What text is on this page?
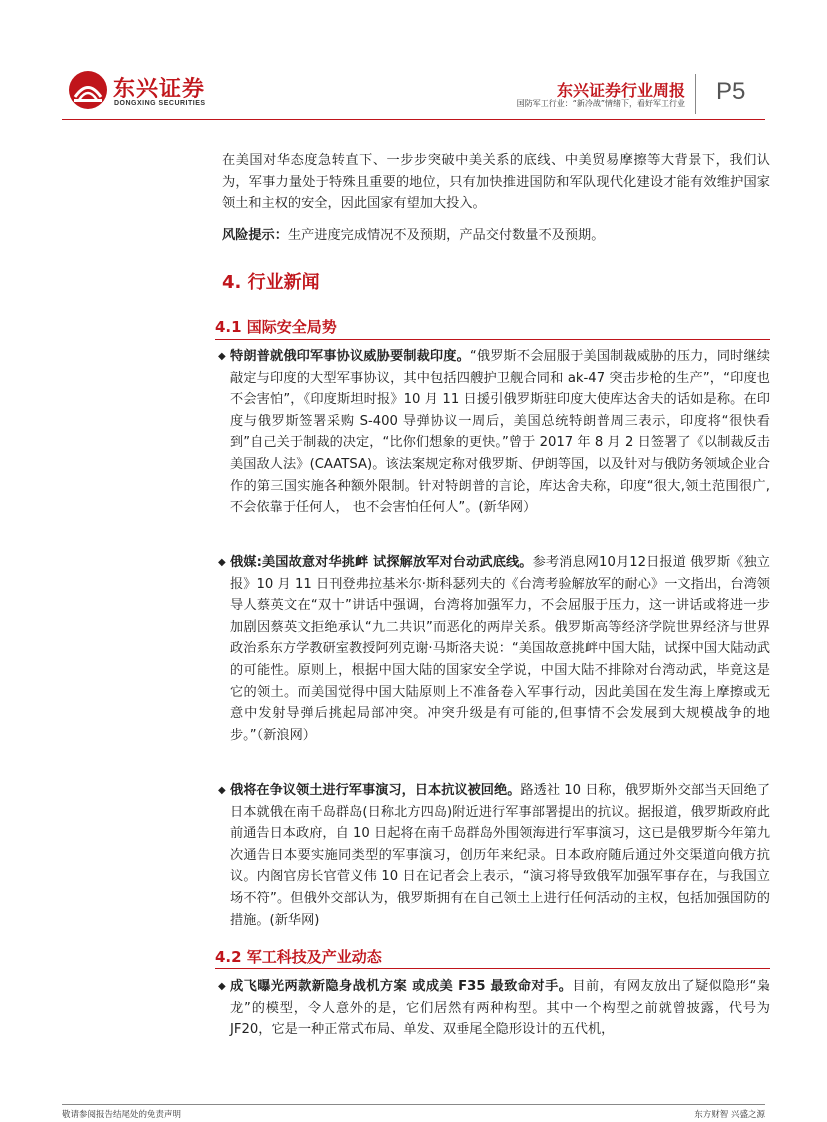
东兴证券
DONGXING SECURITIES
东兴证券行业周报
国防军工行业：“新冷战”情绪下，看好军工行业 P5

在美国对华态度急转直下、一步步突破中美关系的底线、中美贸易摩擦等大背景下，我们认为，军事力量处于特殊且重要的地位，只有加快推进国防和军队现代化建设才能有效维护国家领土和主权的安全，因此国家有望加大投入。

风险提示：生产进度完成情况不及预期，产品交付数量不及预期。

4. 行业新闻
4.1 国际安全局势
◆ 特朗普就俄印军事协议威胁要制裁印度。“俄罗斯不会屈服于美国制裁威胁的压力，同时继续敲定与印度的大型军事协议，其中包括四艘护卫舰合同和 ak-47 突击步枪的生产”，“印度也不会害怕”，《印度斯坦时报》10 月 11 日援引俄罗斯驻印度大使库达舍夫的话如是称。在印度与俄罗斯签署采购 S-400 导弹协议一周后，美国总统特朗普周三表示，印度将“很快看到”自己关于制裁的决定，“比你们想象的更快。”曾于 2017 年 8 月 2 日签署了《以制裁反击美国敌人法》(CAATSA)。该法案规定称对俄罗斯、伊朗等国，以及针对与俄防务领域企业合作的第三国实施各种额外限制。针对特朗普的言论，库达舍夫称，印度“很大,领土范围很广,不会依靠于任何人， 也不会害怕任何人”。(新华网）
◆ 俄媒:美国故意对华挑衅 试探解放军对台动武底线。参考消息网10月12日报道 俄罗斯《独立报》10 月 11 日刊登弗拉基米尔·斯科瑟列夫的《台湾考验解放军的耐心》一文指出，台湾领导人蔡英文在“双十”讲话中强调，台湾将加强军力，不会屈服于压力，这一讲话或将进一步加剧因蔡英文拒绝承认“九二共识”而恶化的两岸关系。俄罗斯高等经济学院世界经济与世界政治系东方学教研室教授阿列克谢·马斯洛夫说：“美国故意挑衅中国大陆，试探中国大陆动武的可能性。原则上，根据中国大陆的国家安全学说，中国大陆不排除对台湾动武，毕竟这是它的领土。而美国觉得中国大陆原则上不准备卷入军事行动，因此美国在发生海上摩擦或无意中发射导弹后挑起局部冲突。冲突升级是有可能的,但事情不会发展到大规模战争的地步。”（新浪网）
◆ 俄将在争议领土进行军事演习，日本抗议被回绝。路透社 10 日称，俄罗斯外交部当天回绝了日本就俄在南千岛群岛(日称北方四岛)附近进行军事部署提出的抗议。据报道，俄罗斯政府此前通告日本政府，自 10 日起将在南千岛群岛外围领海进行军事演习，这已是俄罗斯今年第九次通告日本要实施同类型的军事演习，创历年来纪录。日本政府随后通过外交渠道向俄方抗议。内阁官房长官菅义伟 10 日在记者会上表示，“演习将导致俄军加强军事存在，与我国立场不符”。但俄外交部认为，俄罗斯拥有在自己领土上进行任何活动的主权，包括加强国防的措施。(新华网)
4.2 军工科技及产业动态
◆ 成飞曝光两款新隐身战机方案 或成美 F35 最致命对手。目前，有网友放出了疑似隐形“枭龙”的模型，令人意外的是，它们居然有两种构型。其中一个构型之前就曾披露，代号为 JF20，它是一种正常式布局、单发、双垂尾全隐形设计的五代机，
敬请参阅报告结尾处的免责声明	东方财智 兴盛之源
